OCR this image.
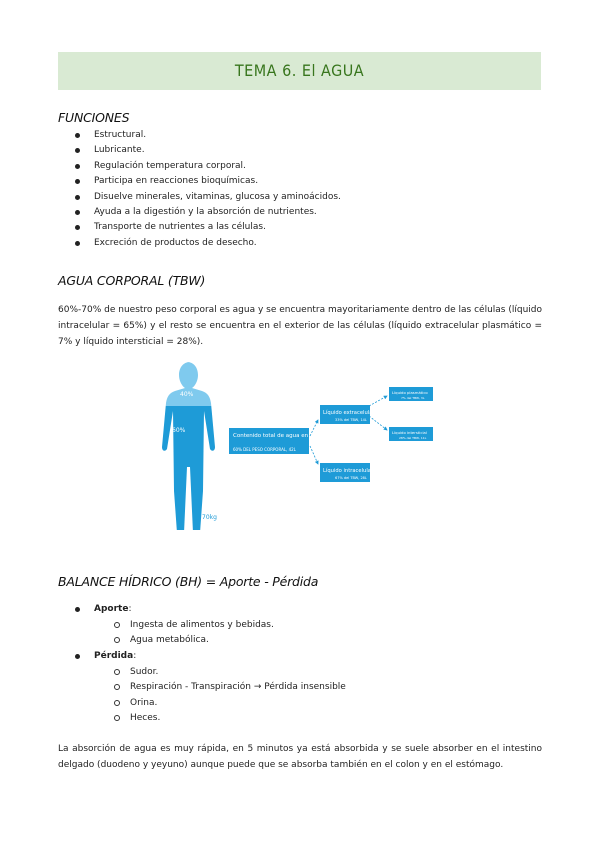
TEMA 6. El AGUA
FUNCIONES
Estructural.
Lubricante.
Regulación temperatura corporal.
Participa en reacciones bioquímicas.
Disuelve minerales, vitaminas, glucosa y aminoácidos.
Ayuda a la digestión y la absorción de nutrientes.
Transporte de nutrientes a las células.
Excreción de productos de desecho.
AGUA CORPORAL (TBW)
60%-70% de nuestro peso corporal es agua y se encuentra mayoritariamente dentro de las células (líquido intracelular = 65%) y el resto se encuentra en el exterior de las células (líquido extracelular plasmático = 7% y líquido intersticial = 28%).
40%
60%
70kg
Contenido total de agua en el cuerpo (TBW)
60% DEL PESO CORPORAL, 42L
Líquido extracelular
33% del TBW, 14L
Líquido intracelular
67% del TBW, 28L
Líquido plasmático
7% del TBW, 3L
Líquido intersticial
28% del TBW, 11L
BALANCE HÍDRICO (BH) = Aporte - Pérdida
Aporte:
Ingesta de alimentos y bebidas.
Agua metabólica.
Pérdida:
Sudor.
Respiración - Transpiración → Pérdida insensible
Orina.
Heces.
La absorción de agua es muy rápida, en 5 minutos ya está absorbida y se suele absorber en el intestino delgado (duodeno y yeyuno) aunque puede que se absorba también en el colon y en el estómago.
